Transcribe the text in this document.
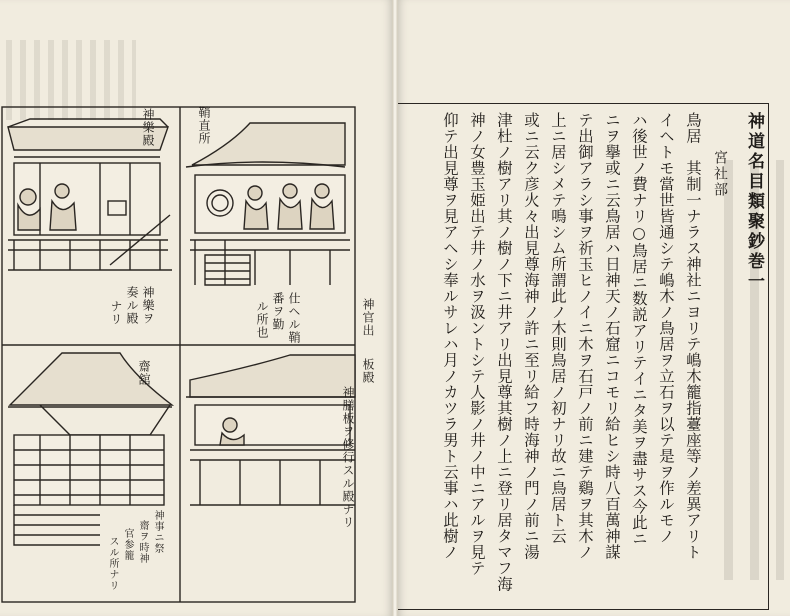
鞘直所
神樂殿
神樂ヲ
奏ル殿
ナリ	仕ヘル鞘
番ヲ勤
ル所也	神官出
板殿
神膳板ヲ修行スル殿ナリ
齋舘
神事ニ祭
齋ヲ時神
官参籠
スル所ナリ
神道名目類聚鈔巻一
宮社部
鳥居　其制一ナラス神社ニヨリテ嶋木籠指薹座等ノ差異アリト
イヘトモ當世皆通シテ嶋木ノ鳥居ヲ立石ヲ以テ是ヲ作ルモノ
ハ後世ノ費ナリ○鳥居ニ数説アリテイニタ美ヲ盡サス今此ニ
ニヲ擧或ニ云鳥居ハ日神天ノ石窟ニコモリ給ヒシ時八百萬神謀
テ出御アラシ事ヲ祈玉ヒノイニ木ヲ石戸ノ前ニ建テ鷄ヲ其木ノ
上ニ居シメテ鳴シム所謂此ノ木則鳥居ノ初ナリ故ニ鳥居ト云
或ニ云ク彦火々出見尊海神ノ許ニ至リ給フ時海神ノ門ノ前ニ湯
津杜ノ樹アリ其ノ樹ノ下ニ井アリ出見尊其樹ノ上ニ登リ居タマフ海
神ノ女豊玉姫出テ井ノ水ヲ汲ントシテ人影ノ井ノ中ニアルヲ見テ
仰テ出見尊ヲ見アヘシ奉ルサレハ月ノカツラ男ト云事ハ此樹ノ
